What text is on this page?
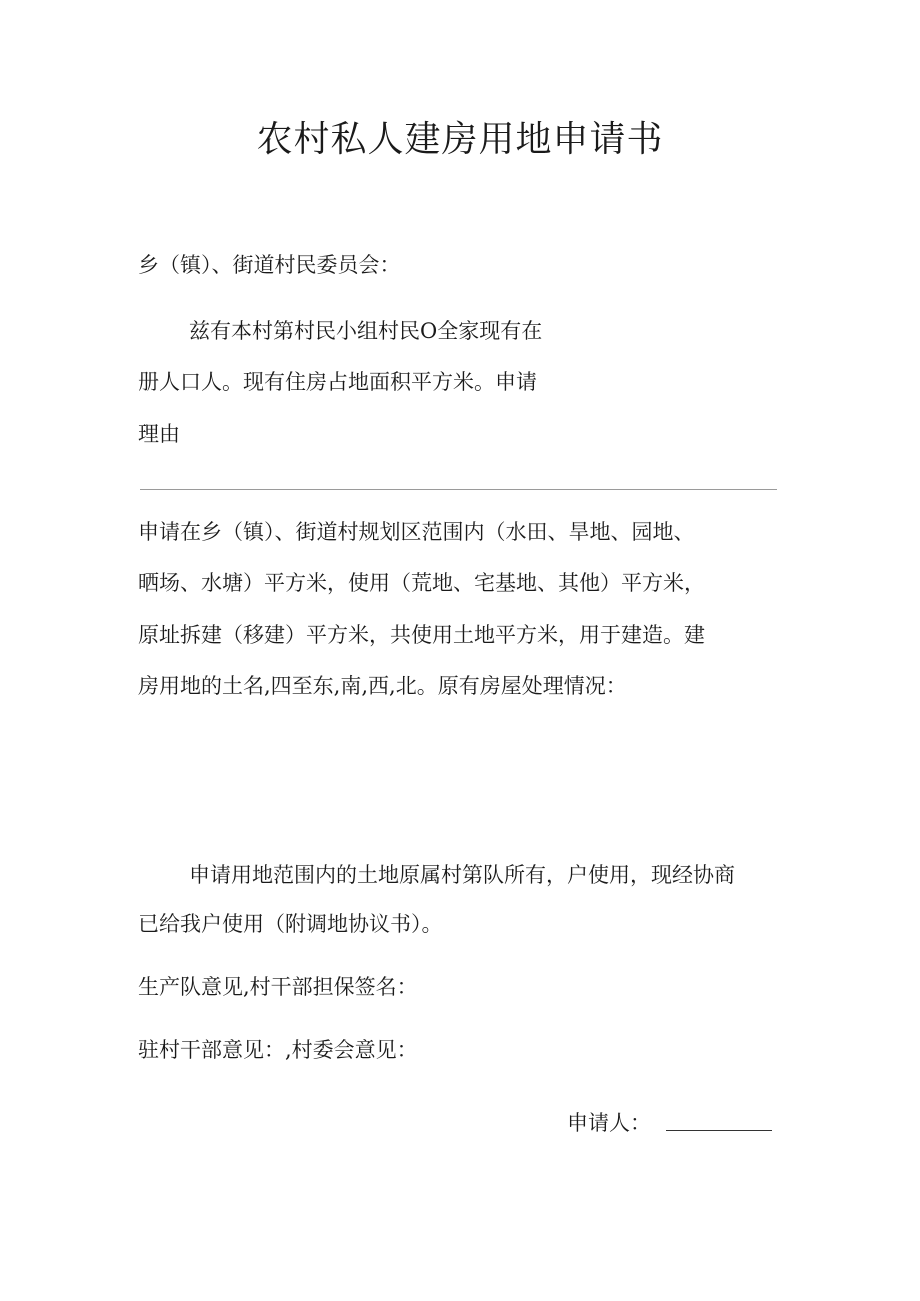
农村私人建房用地申请书
乡（镇）、街道村民委员会：
兹有本村第村民小组村民O全家现有在
册人口人。现有住房占地面积平方米。申请
理由
申请在乡（镇）、街道村规划区范围内（水田、旱地、园地、
晒场、水塘）平方米，使用（荒地、宅基地、其他）平方米，
原址拆建（移建）平方米，共使用土地平方米，用于建造。建
房用地的土名,四至东,南,西,北。原有房屋处理情况：
申请用地范围内的土地原属村第队所有，户使用，现经协商
已给我户使用（附调地协议书）。
生产队意见,村干部担保签名：
驻村干部意见：,村委会意见：
申请人：
